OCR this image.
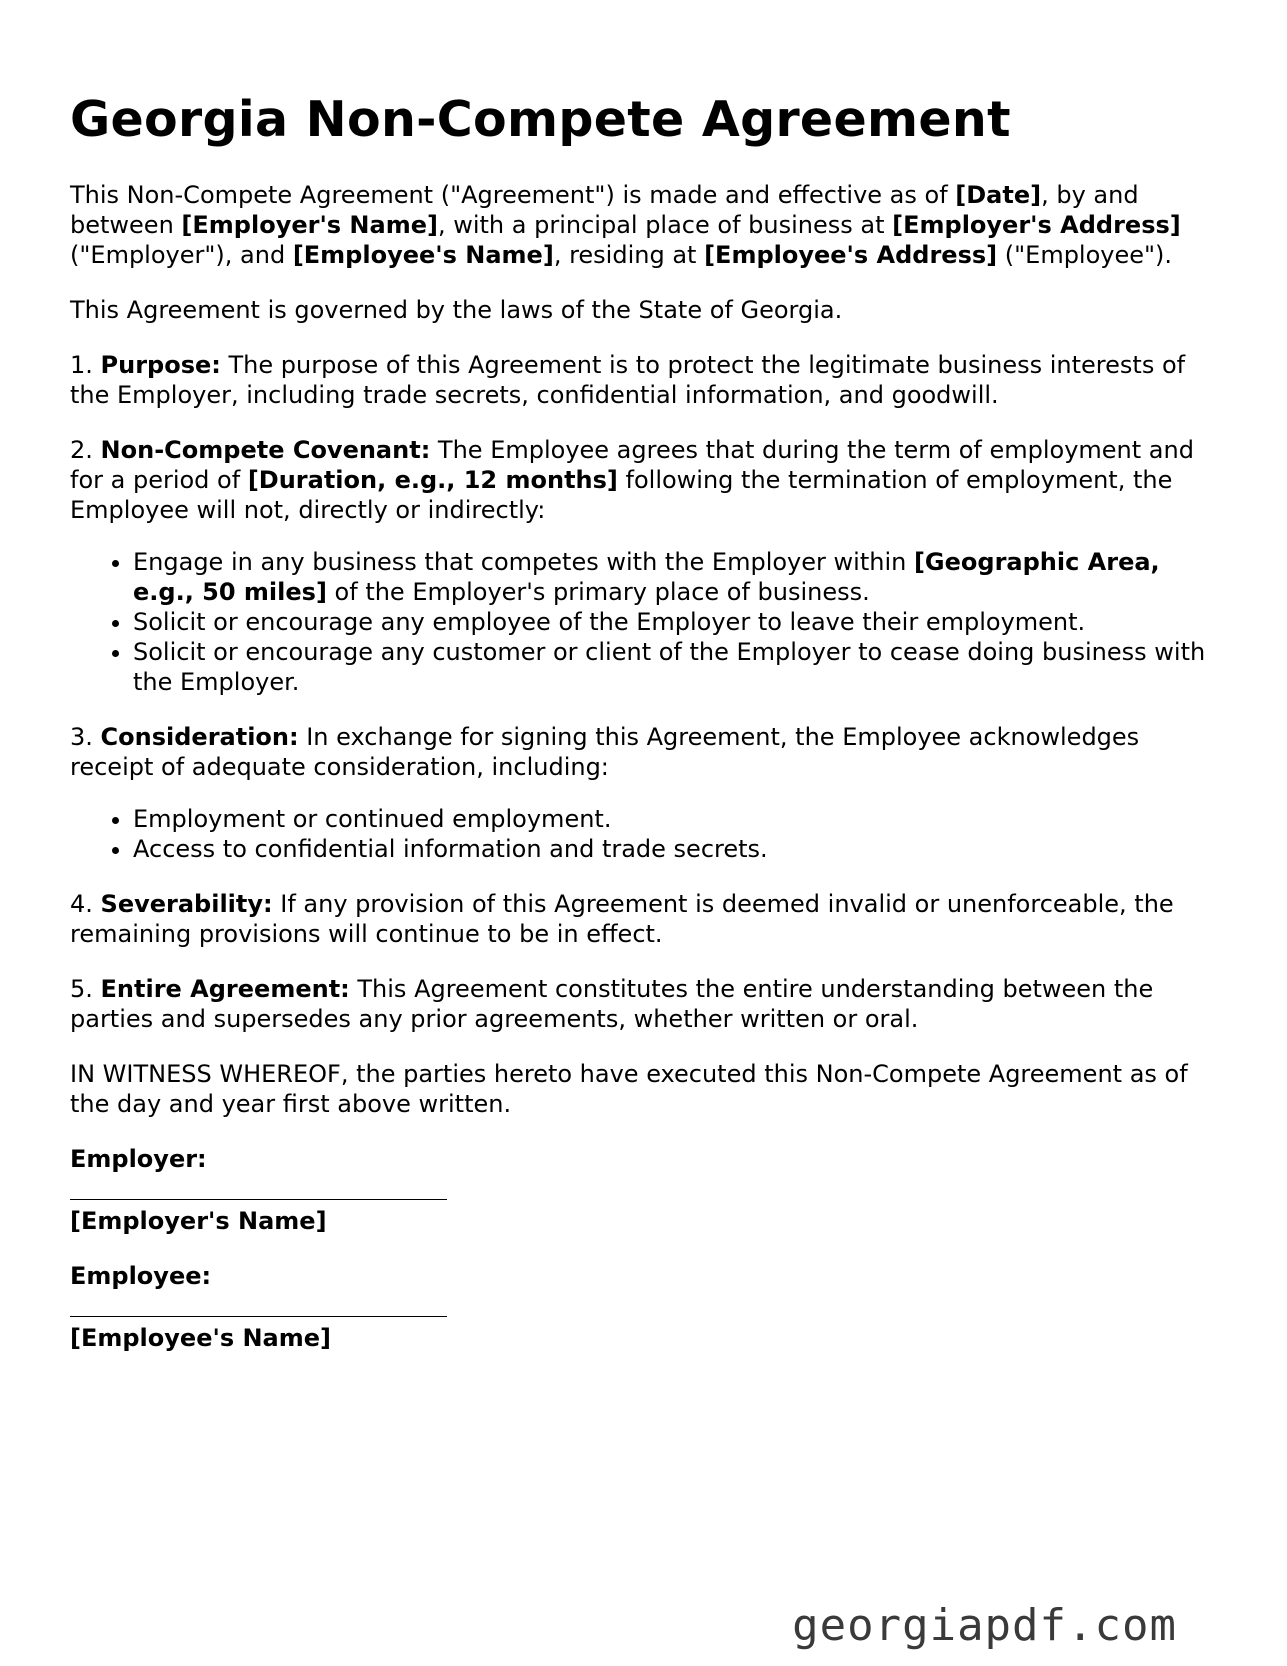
Georgia Non-Compete Agreement

This Non-Compete Agreement ("Agreement") is made and effective as of [Date], by and between [Employer's Name], with a principal place of business at [Employer's Address] ("Employer"), and [Employee's Name], residing at [Employee's Address] ("Employee").

This Agreement is governed by the laws of the State of Georgia.

1. Purpose: The purpose of this Agreement is to protect the legitimate business interests of the Employer, including trade secrets, confidential information, and goodwill.

2. Non-Compete Covenant: The Employee agrees that during the term of employment and for a period of [Duration, e.g., 12 months] following the termination of employment, the Employee will not, directly or indirectly:

• Engage in any business that competes with the Employer within [Geographic Area, e.g., 50 miles] of the Employer's primary place of business.
• Solicit or encourage any employee of the Employer to leave their employment.
• Solicit or encourage any customer or client of the Employer to cease doing business with the Employer.

3. Consideration: In exchange for signing this Agreement, the Employee acknowledges receipt of adequate consideration, including:

• Employment or continued employment.
• Access to confidential information and trade secrets.

4. Severability: If any provision of this Agreement is deemed invalid or unenforceable, the remaining provisions will continue to be in effect.

5. Entire Agreement: This Agreement constitutes the entire understanding between the parties and supersedes any prior agreements, whether written or oral.

IN WITNESS WHEREOF, the parties hereto have executed this Non-Compete Agreement as of the day and year first above written.

Employer:
[Employer's Name]
Employee:
[Employee's Name]
georgiapdf.com
